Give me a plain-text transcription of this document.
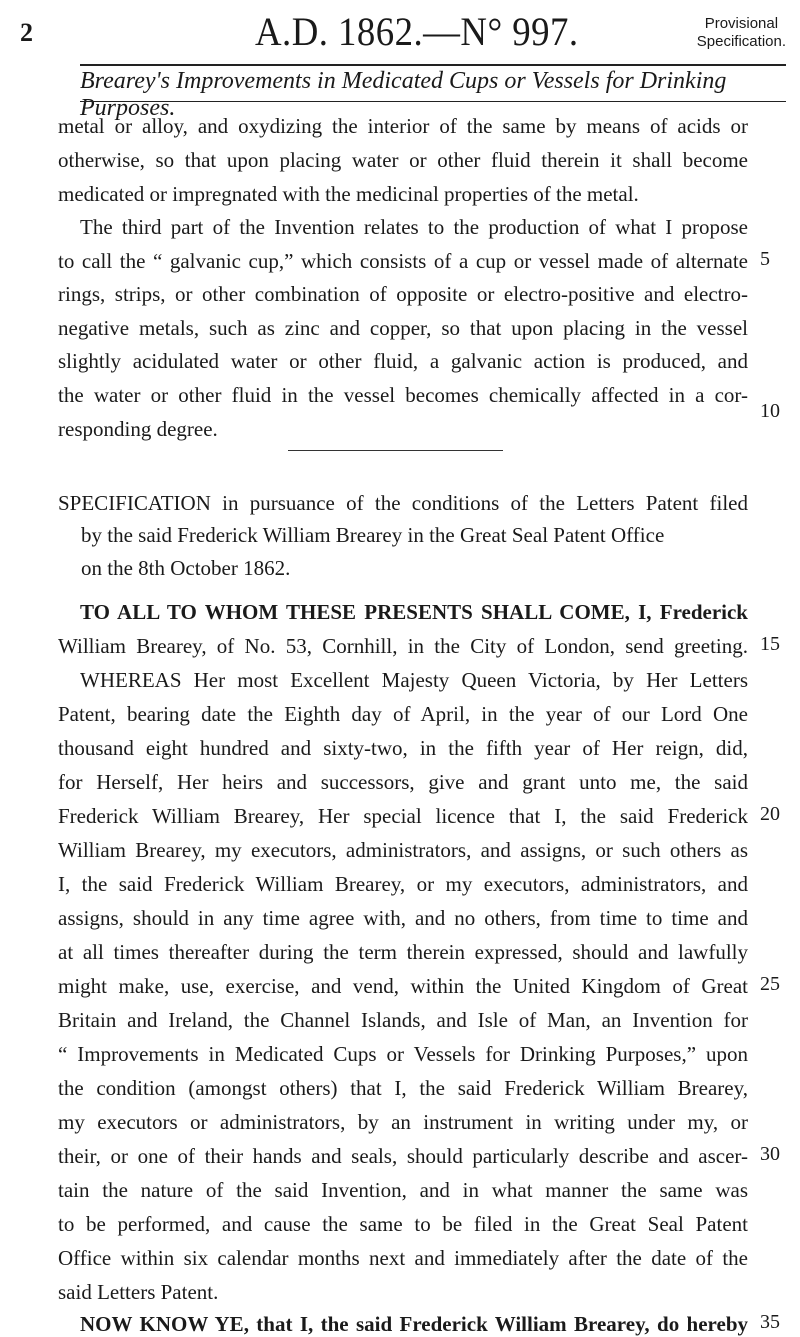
2	A.D. 1862.—N° 997.	Provisional
Specification.
Brearey's Improvements in Medicated Cups or Vessels for Drinking Purposes.
metal or alloy, and oxydizing the interior of the same by means of acids or
otherwise, so that upon placing water or other fluid therein it shall become
medicated or impregnated with the medicinal properties of the metal.
The third part of the Invention relates to the production of what I propose
to call the “ galvanic cup,” which consists of a cup or vessel made of alternate
rings, strips, or other combination of opposite or electro-positive and electro-
negative metals, such as zinc and copper, so that upon placing in the vessel
slightly acidulated water or other fluid, a galvanic action is produced, and
the water or other fluid in the vessel becomes chemically affected in a cor-
responding degree.
SPECIFICATION in pursuance of the conditions of the Letters Patent filed
by the said Frederick William Brearey in the Great Seal Patent Office
on the 8th October 1862.
TO ALL TO WHOM THESE PRESENTS SHALL COME, I, Frederick
William Brearey, of No. 53, Cornhill, in the City of London, send greeting.
WHEREAS Her most Excellent Majesty Queen Victoria, by Her Letters
Patent, bearing date the Eighth day of April, in the year of our Lord One
thousand eight hundred and sixty-two, in the fifth year of Her reign, did,
for Herself, Her heirs and successors, give and grant unto me, the said
Frederick William Brearey, Her special licence that I, the said Frederick
William Brearey, my executors, administrators, and assigns, or such others as
I, the said Frederick William Brearey, or my executors, administrators, and
assigns, should in any time agree with, and no others, from time to time and
at all times thereafter during the term therein expressed, should and lawfully
might make, use, exercise, and vend, within the United Kingdom of Great
Britain and Ireland, the Channel Islands, and Isle of Man, an Invention for
“ Improvements in Medicated Cups or Vessels for Drinking Purposes,” upon
the condition (amongst others) that I, the said Frederick William Brearey,
my executors or administrators, by an instrument in writing under my, or
their, or one of their hands and seals, should particularly describe and ascer-
tain the nature of the said Invention, and in what manner the same was
to be performed, and cause the same to be filed in the Great Seal Patent
Office within six calendar months next and immediately after the date of the
said Letters Patent.
NOW KNOW YE, that I, the said Frederick William Brearey, do hereby
5
10
15
20
25
30
35
